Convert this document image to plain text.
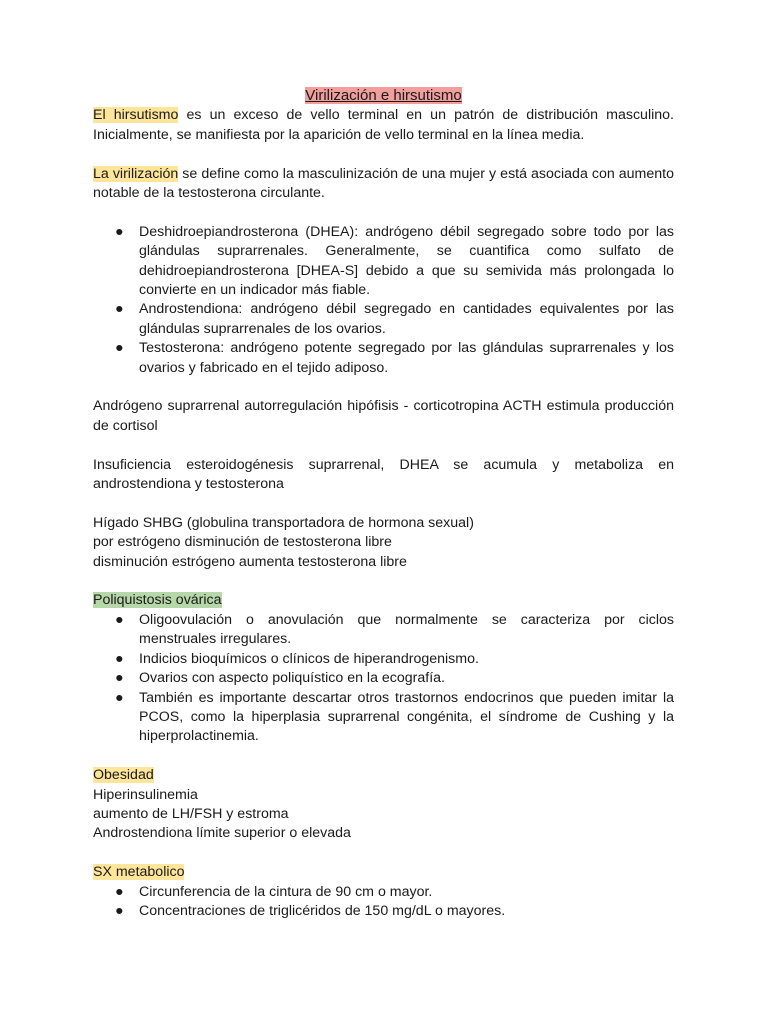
Virilización e hirsutismo

El hirsutismo es un exceso de vello terminal en un patrón de distribución masculino. Inicialmente, se manifiesta por la aparición de vello terminal en la línea media.

La virilización se define como la masculinización de una mujer y está asociada con aumento notable de la testosterona circulante.

● Deshidroepiandrosterona (DHEA): andrógeno débil segregado sobre todo por las glándulas suprarrenales. Generalmente, se cuantifica como sulfato de dehidroepiandrosterona [DHEA-S] debido a que su semivida más prolongada lo convierte en un indicador más fiable.
● Androstendiona: andrógeno débil segregado en cantidades equivalentes por las glándulas suprarrenales de los ovarios.
● Testosterona: andrógeno potente segregado por las glándulas suprarrenales y los ovarios y fabricado en el tejido adiposo.

Andrógeno suprarrenal autorregulación hipófisis - corticotropina ACTH estimula producción de cortisol

Insuficiencia esteroidogénesis suprarrenal, DHEA se acumula y metaboliza en androstendiona y testosterona

Hígado SHBG (globulina transportadora de hormona sexual)

por estrógeno disminución de testosterona libre

disminución estrógeno aumenta testosterona libre

Poliquistosis ovárica

● Oligoovulación o anovulación que normalmente se caracteriza por ciclos menstruales irregulares.
● Indicios bioquímicos o clínicos de hiperandrogenismo.
● Ovarios con aspecto poliquístico en la ecografía.
● También es importante descartar otros trastornos endocrinos que pueden imitar la PCOS, como la hiperplasia suprarrenal congénita, el síndrome de Cushing y la hiperprolactinemia.

Obesidad

Hiperinsulinemia

aumento de LH/FSH y estroma

Androstendiona límite superior o elevada

SX metabolico

● Circunferencia de la cintura de 90 cm o mayor.
● Concentraciones de triglicéridos de 150 mg/dL o mayores.
